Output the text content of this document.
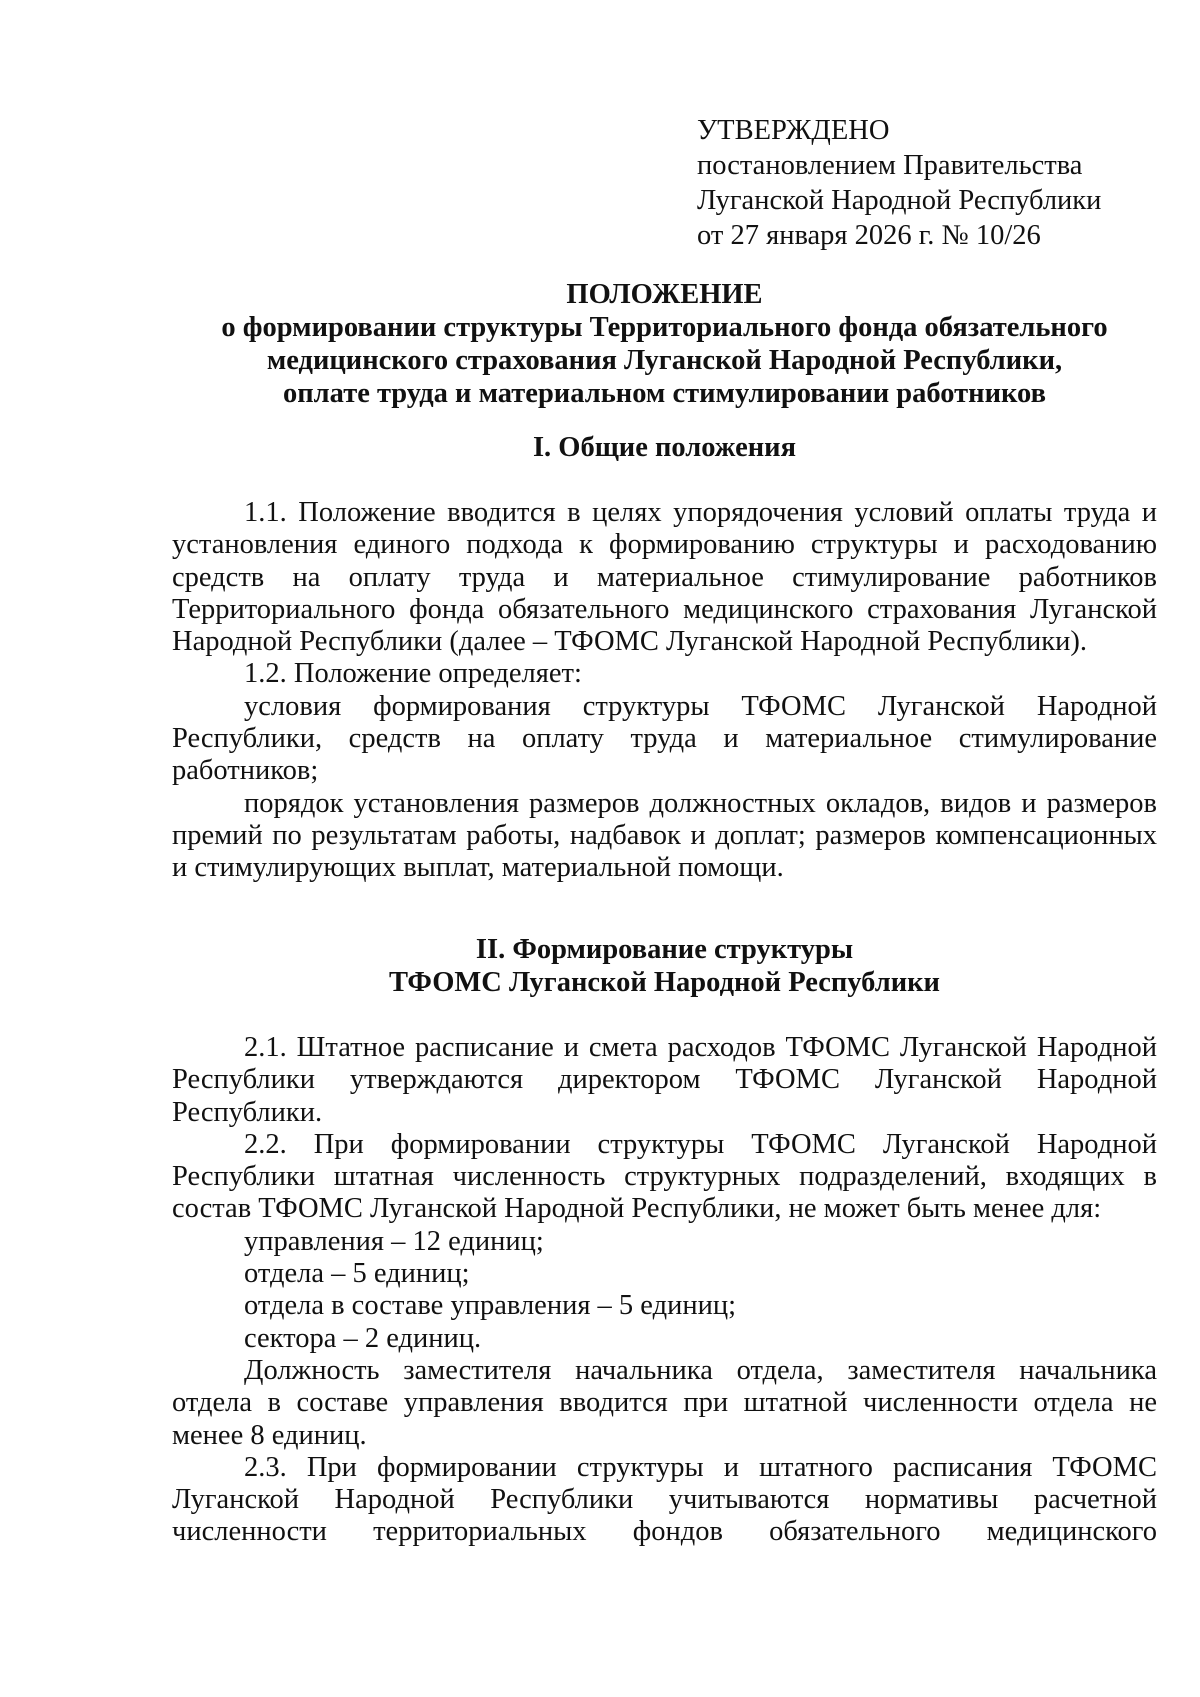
УТВЕРЖДЕНО
постановлением Правительства
Луганской Народной Республики
от 27 января 2026 г. № 10/26
ПОЛОЖЕНИЕ
о формировании структуры Территориального фонда обязательного
медицинского страхования Луганской Народной Республики,
оплате труда и материальном стимулировании работников
I. Общие положения

1.1. Положение вводится в целях упорядочения условий оплаты труда и установления единого подхода к формированию структуры и расходованию средств на оплату труда и материальное стимулирование работников Территориального фонда обязательного медицинского страхования Луганской Народной Республики (далее – ТФОМС Луганской Народной Республики).

1.2. Положение определяет:

условия формирования структуры ТФОМС Луганской Народной Республики, средств на оплату труда и материальное стимулирование работников;

порядок установления размеров должностных окладов, видов и размеров премий по результатам работы, надбавок и доплат; размеров компенсационных и стимулирующих выплат, материальной помощи.

II. Формирование структуры
ТФОМС Луганской Народной Республики

2.1. Штатное расписание и смета расходов ТФОМС Луганской Народной Республики утверждаются директором ТФОМС Луганской Народной Республики.

2.2. При формировании структуры ТФОМС Луганской Народной Республики штатная численность структурных подразделений, входящих в состав ТФОМС Луганской Народной Республики, не может быть менее для:

управления – 12 единиц;

отдела – 5 единиц;

отдела в составе управления – 5 единиц;

сектора – 2 единиц.

Должность заместителя начальника отдела, заместителя начальника отдела в составе управления вводится при штатной численности отдела не менее 8 единиц.

2.3. При формировании структуры и штатного расписания ТФОМС Луганской Народной Республики учитываются нормативы расчетной численности территориальных фондов обязательного медицинского
